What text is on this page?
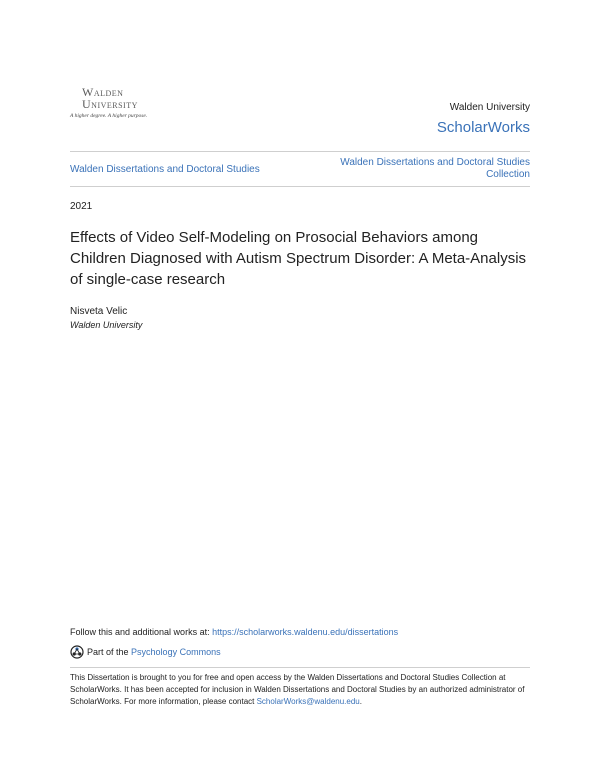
Walden
University
A higher degree. A higher purpose.
Walden University
ScholarWorks
Walden Dissertations and Doctoral Studies
Walden Dissertations and Doctoral Studies Collection
2021
Effects of Video Self-Modeling on Prosocial Behaviors among Children Diagnosed with Autism Spectrum Disorder: A Meta-Analysis of single-case research
Nisveta Velic
Walden University
Follow this and additional works at: https://scholarworks.waldenu.edu/dissertations
Part of the
Psychology Commons
This Dissertation is brought to you for free and open access by the Walden Dissertations and Doctoral Studies Collection at ScholarWorks. It has been accepted for inclusion in Walden Dissertations and Doctoral Studies by an authorized administrator of ScholarWorks. For more information, please contact ScholarWorks@waldenu.edu.
